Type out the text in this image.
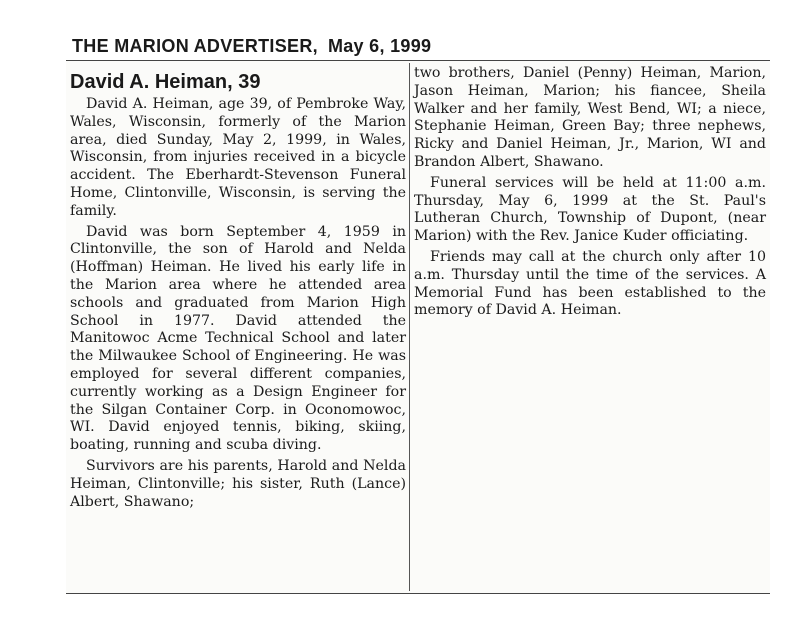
THE MARION ADVERTISER, May 6, 1999
David A. Heiman, 39

David A. Heiman, age 39, of Pembroke Way, Wales, Wisconsin, formerly of the Marion area, died Sunday, May 2, 1999, in Wales, Wisconsin, from injuries received in a bicycle accident. The Eberhardt-Stevenson Funeral Home, Clintonville, Wisconsin, is serving the family.

David was born September 4, 1959 in Clintonville, the son of Harold and Nelda (Hoffman) Heiman. He lived his early life in the Marion area where he attended area schools and graduated from Marion High School in 1977. David attended the Manitowoc Acme Technical School and later the Milwaukee School of Engineering. He was employed for several different companies, currently working as a Design Engineer for the Silgan Container Corp. in Oconomowoc, WI. David enjoyed tennis, biking, skiing, boating, running and scuba diving.

Survivors are his parents, Harold and Nelda Heiman, Clintonville; his sister, Ruth (Lance) Albert, Shawano;

two brothers, Daniel (Penny) Heiman, Marion, Jason Heiman, Marion; his fiancee, Sheila Walker and her family, West Bend, WI; a niece, Stephanie Heiman, Green Bay; three nephews, Ricky and Daniel Heiman, Jr., Marion, WI and Brandon Albert, Shawano.

Funeral services will be held at 11:00 a.m. Thursday, May 6, 1999 at the St. Paul's Lutheran Church, Township of Dupont, (near Marion) with the Rev. Janice Kuder officiating.

Friends may call at the church only after 10 a.m. Thursday until the time of the services. A Memorial Fund has been established to the memory of David A. Heiman.
